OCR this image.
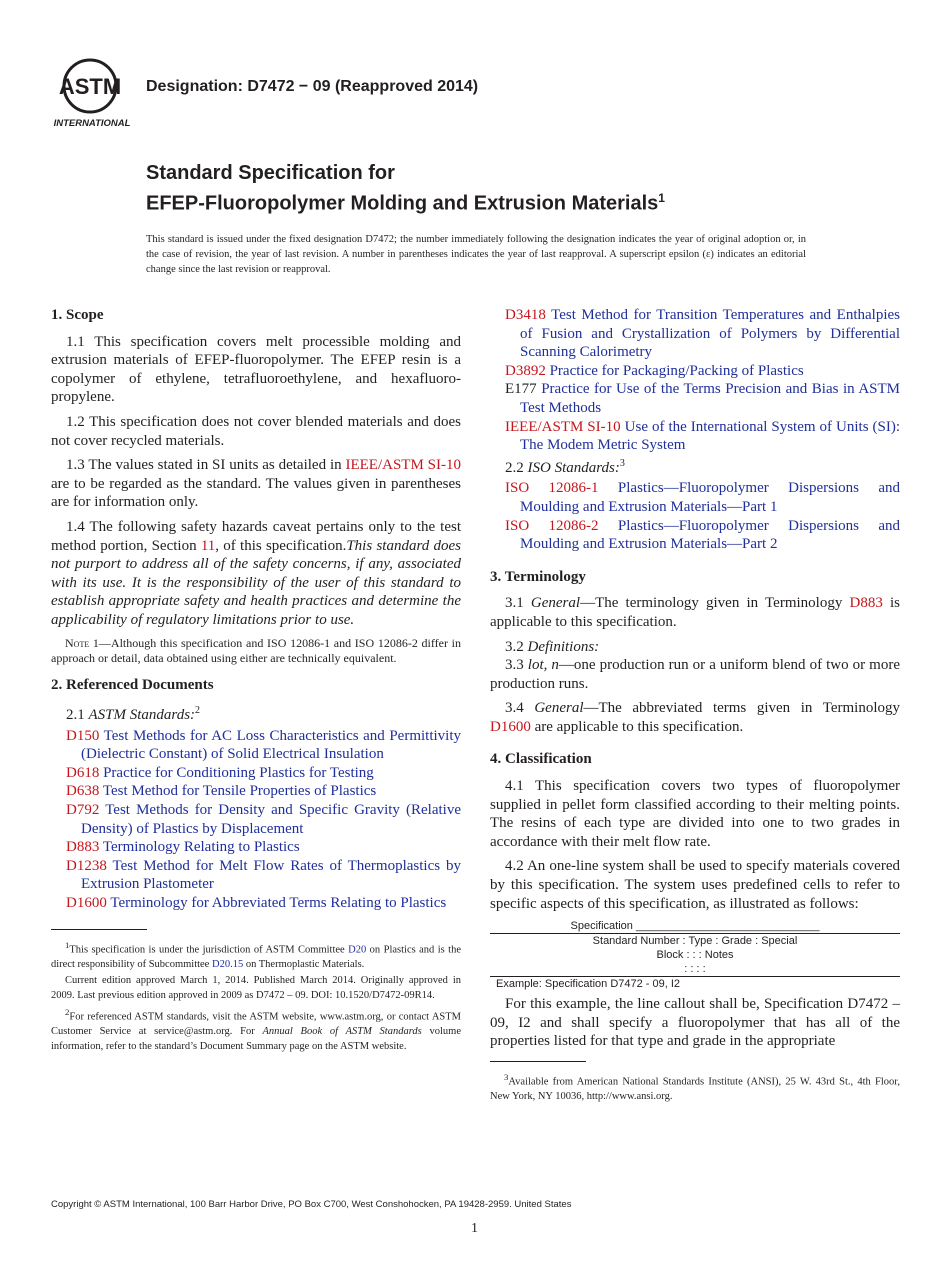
ASTM
INTERNATIONAL
Designation: D7472 − 09 (Reapproved 2014)
Standard Specification for
EFEP-Fluoropolymer Molding and Extrusion Materials$^1$
This standard is issued under the fixed designation D7472; the number immediately following the designation indicates the year of original adoption or, in the case of revision, the year of last revision. A number in parentheses indicates the year of last reapproval. A superscript epsilon (ε) indicates an editorial change since the last revision or reapproval.
1. Scope

1.1 This specification covers melt processible molding and extrusion materials of EFEP-fluoropolymer. The EFEP resin is a copolymer of ethylene, tetrafluoroethylene, and hexafluoro-propylene.

1.2 This specification does not cover blended materials and does not cover recycled materials.

1.3 The values stated in SI units as detailed in IEEE/ASTM SI-10 are to be regarded as the standard. The values given in parentheses are for information only.

1.4 The following safety hazards caveat pertains only to the test method portion, Section 11, of this specification.This standard does not purport to address all of the safety concerns, if any, associated with its use. It is the responsibility of the user of this standard to establish appropriate safety and health practices and determine the applicability of regulatory limitations prior to use.

Note 1—Although this specification and ISO 12086-1 and ISO 12086-2 differ in approach or detail, data obtained using either are technically equivalent.

2. Referenced Documents

2.1 ASTM Standards:$^2$

D150 Test Methods for AC Loss Characteristics and Permittivity (Dielectric Constant) of Solid Electrical Insulation

D618 Practice for Conditioning Plastics for Testing

D638 Test Method for Tensile Properties of Plastics

D792 Test Methods for Density and Specific Gravity (Relative Density) of Plastics by Displacement

D883 Terminology Relating to Plastics

D1238 Test Method for Melt Flow Rates of Thermoplastics by Extrusion Plastometer

D1600 Terminology for Abbreviated Terms Relating to Plastics

$^1$This specification is under the jurisdiction of ASTM Committee D20 on Plastics and is the direct responsibility of Subcommittee D20.15 on Thermoplastic Materials.

Current edition approved March 1, 2014. Published March 2014. Originally approved in 2009. Last previous edition approved in 2009 as D7472 – 09. DOI: 10.1520/D7472-09R14.

$^2$For referenced ASTM standards, visit the ASTM website, www.astm.org, or contact ASTM Customer Service at service@astm.org. For Annual Book of ASTM Standards volume information, refer to the standard’s Document Summary page on the ASTM website.

D3418 Test Method for Transition Temperatures and Enthalpies of Fusion and Crystallization of Polymers by Differential Scanning Calorimetry

D3892 Practice for Packaging/Packing of Plastics

E177 Practice for Use of the Terms Precision and Bias in ASTM Test Methods

IEEE/ASTM SI-10 Use of the International System of Units (SI): The Modem Metric System

2.2 ISO Standards:$^3$

ISO 12086-1 Plastics—Fluoropolymer Dispersions and Moulding and Extrusion Materials—Part 1

ISO 12086-2 Plastics—Fluoropolymer Dispersions and Moulding and Extrusion Materials—Part 2

3. Terminology

3.1 General—The terminology given in Terminology D883 is applicable to this specification.

3.2 Definitions:

3.3 lot, n—one production run or a uniform blend of two or more production runs.

3.4 General—The abbreviated terms given in Terminology D1600 are applicable to this specification.

4. Classification

4.1 This specification covers two types of fluoropolymer supplied in pellet form classified according to their melting points. The resins of each type are divided into one to two grades in accordance with their melt flow rate.

4.2 An one-line system shall be used to specify materials covered by this specification. The system uses predefined cells to refer to specific aspects of this specification, as illustrated as follows:

Specification ______________________________
Standard Number : Type : Grade : Special
Block : : : Notes
: : : :
Example: Specification D7472 - 09, I2

For this example, the line callout shall be, Specification D7472 – 09, I2 and shall specify a fluoropolymer that has all of the properties listed for that type and grade in the appropriate

$^3$Available from American National Standards Institute (ANSI), 25 W. 43rd St., 4th Floor, New York, NY 10036, http://www.ansi.org.

Copyright © ASTM International, 100 Barr Harbor Drive, PO Box C700, West Conshohocken, PA 19428-2959. United States
1
